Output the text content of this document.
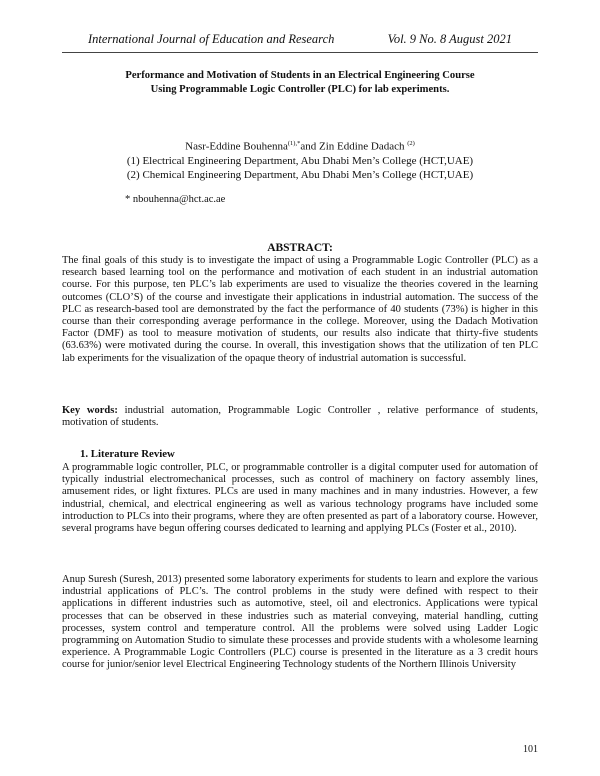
International Journal of Education and Research	Vol. 9 No. 8 August 2021
Performance and Motivation of Students in an Electrical Engineering Course
Using Programmable Logic Controller (PLC) for lab experiments.
Nasr-Eddine Bouhenna$^{(1),*}$and Zin Eddine Dadach $^{(2)}$
(1) Electrical Engineering Department, Abu Dhabi Men’s College (HCT,UAE)
(2) Chemical Engineering Department, Abu Dhabi Men’s College (HCT,UAE)
* nbouhenna@hct.ac.ae
ABSTRACT:
The final goals of this study is to investigate the impact of using a Programmable Logic Controller (PLC) as a research based learning tool on the performance and motivation of each student in an industrial automation course. For this purpose, ten PLC’s lab experiments are used to visualize the theories covered in the learning outcomes (CLO’S) of the course and investigate their applications in industrial automation. The success of the PLC as research-based tool are demonstrated by the fact the performance of 40 students (73%) is higher in this course than their corresponding average performance in the college. Moreover, using the Dadach Motivation Factor (DMF) as tool to measure motivation of students, our results also indicate that thirty-five students (63.63%) were motivated during the course. In overall, this investigation shows that the utilization of ten PLC lab experiments for the visualization of the opaque theory of industrial automation is successful.
Key words: industrial automation, Programmable Logic Controller , relative performance of students, motivation of students.
1. Literature Review
A programmable logic controller, PLC, or programmable controller is a digital computer used for automation of typically industrial electromechanical processes, such as control of machinery on factory assembly lines, amusement rides, or light fixtures. PLCs are used in many machines and in many industries. However, a few industrial, chemical, and electrical engineering as well as various technology programs have included some introduction to PLCs into their programs, where they are often presented as part of a laboratory course. However, several programs have begun offering courses dedicated to learning and applying PLCs (Foster et al., 2010).
Anup Suresh (Suresh, 2013) presented some laboratory experiments for students to learn and explore the various industrial applications of PLC’s. The control problems in the study were defined with respect to their applications in different industries such as automotive, steel, oil and electronics. Applications were typical processes that can be observed in these industries such as material conveying, material handling, cutting processes, system control and temperature control. All the problems were solved using Ladder Logic programming on Automation Studio to simulate these processes and provide students with a wholesome learning experience. A Programmable Logic Controllers (PLC) course is presented in the literature as a 3 credit hours course for junior/senior level Electrical Engineering Technology students of the Northern Illinois University
101
